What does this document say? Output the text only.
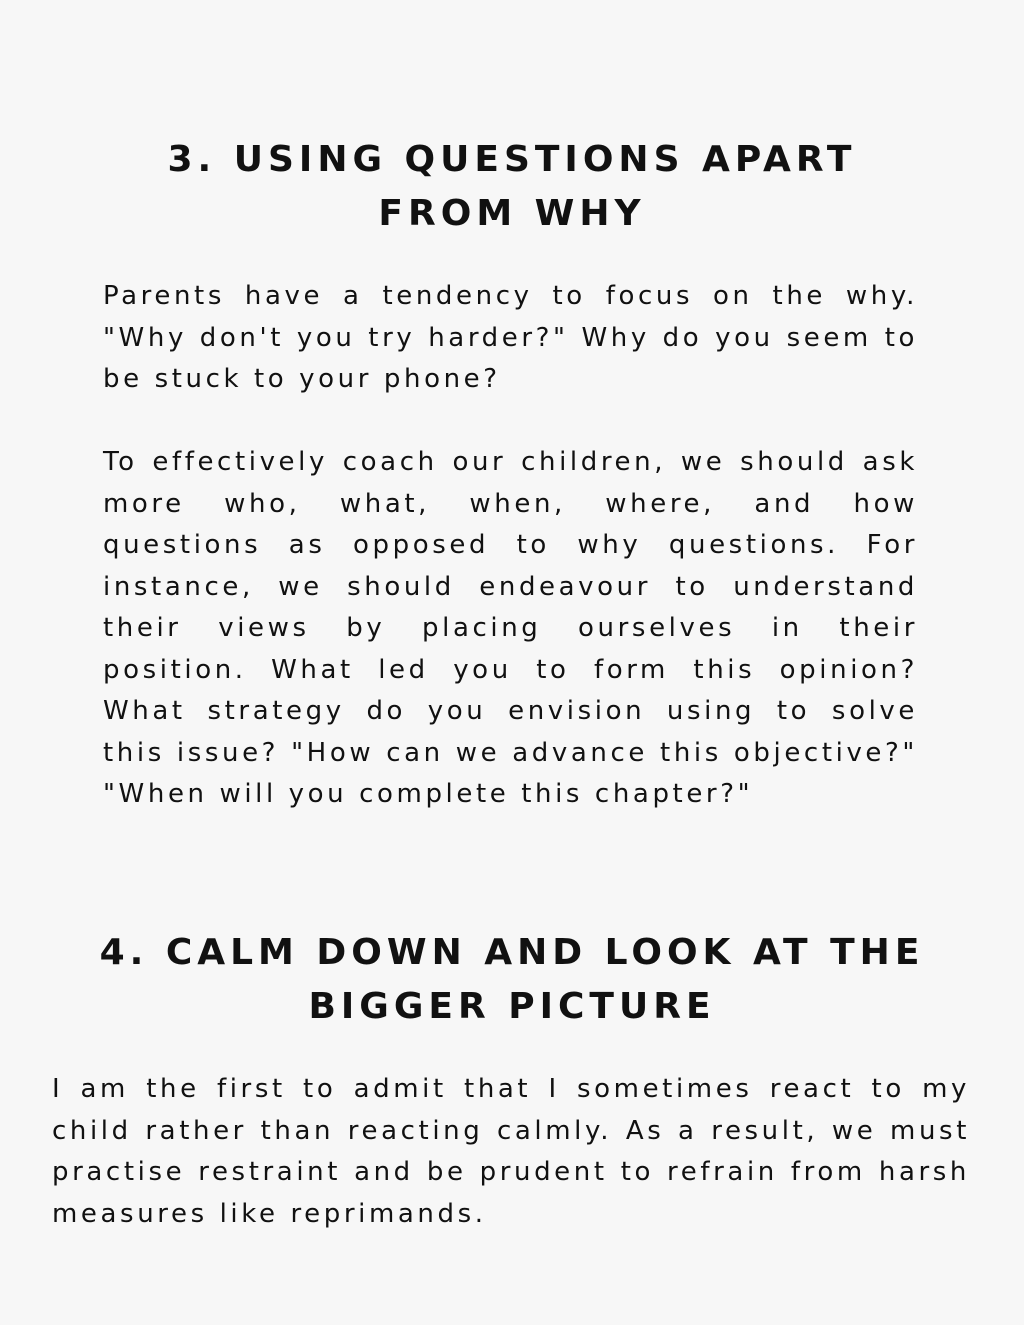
3. USING QUESTIONS APART FROM WHY

Parents have a tendency to focus on the why. "Why don't you try harder?" Why do you seem to be stuck to your phone?

To effectively coach our children, we should ask more who, what, when, where, and how questions as opposed to why questions. For instance, we should endeavour to understand their views by placing ourselves in their position. What led you to form this opinion? What strategy do you envision using to solve this issue? "How can we advance this objective?" "When will you complete this chapter?"

4. CALM DOWN AND LOOK AT THE BIGGER PICTURE

I am the first to admit that I sometimes react to my child rather than reacting calmly. As a result, we must practise restraint and be prudent to refrain from harsh measures like reprimands.
